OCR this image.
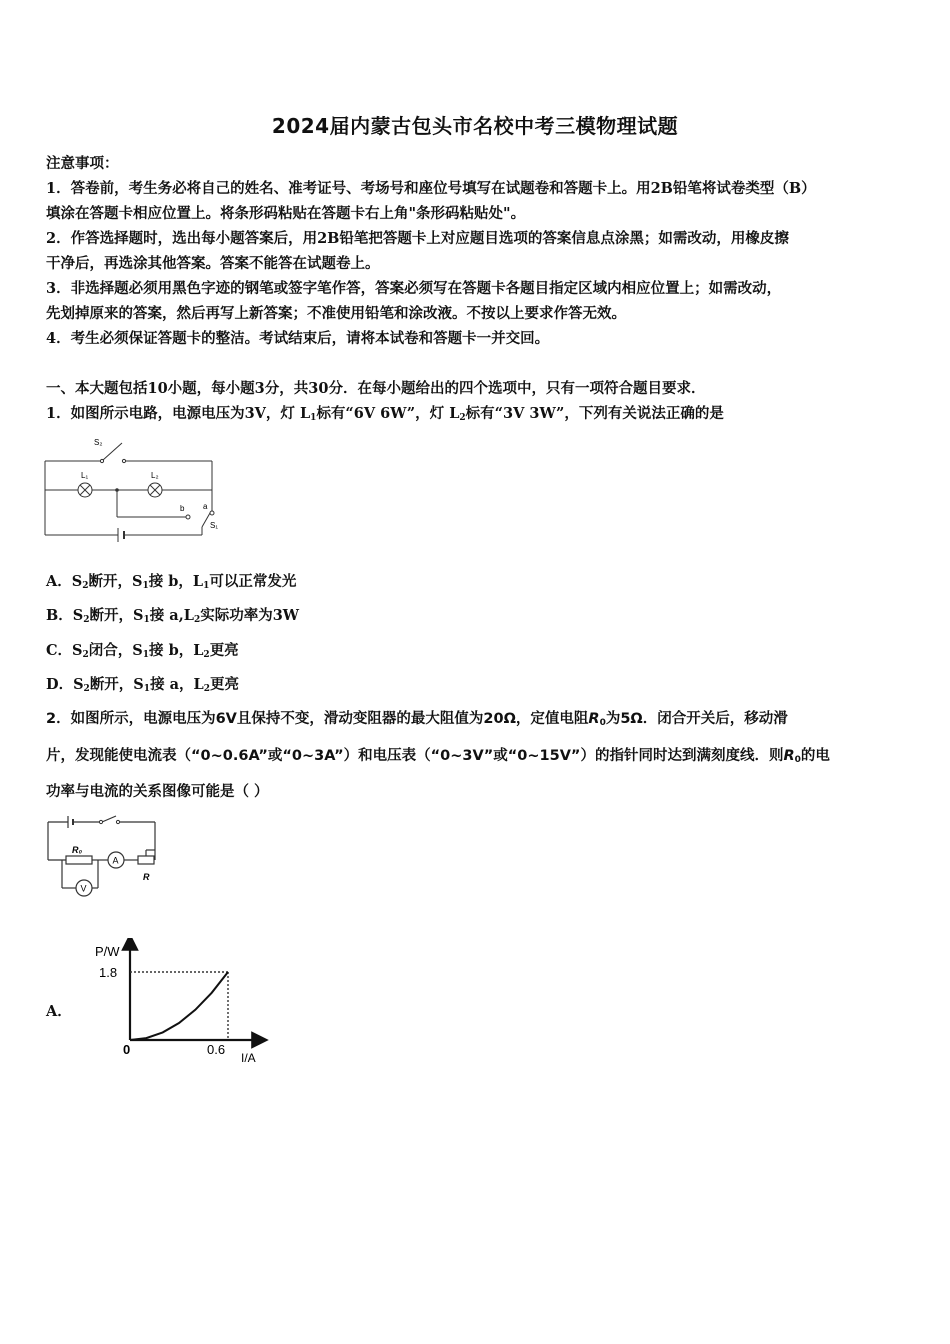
2024届内蒙古包头市名校中考三模物理试题
注意事项：
1．答卷前，考生务必将自己的姓名、准考证号、考场号和座位号填写在试题卷和答题卡上。用2B铅笔将试卷类型（B）
填涂在答题卡相应位置上。将条形码粘贴在答题卡右上角"条形码粘贴处"。
2．作答选择题时，选出每小题答案后，用2B铅笔把答题卡上对应题目选项的答案信息点涂黑；如需改动，用橡皮擦
干净后，再选涂其他答案。答案不能答在试题卷上。
3．非选择题必须用黑色字迹的钢笔或签字笔作答，答案必须写在答题卡各题目指定区域内相应位置上；如需改动，
先划掉原来的答案，然后再写上新答案；不准使用铅笔和涂改液。不按以上要求作答无效。
4．考生必须保证答题卡的整洁。考试结束后，请将本试卷和答题卡一并交回。
一、本大题包括10小题，每小题3分，共30分．在每小题给出的四个选项中，只有一项符合题目要求．
1．如图所示电路，电源电压为3V，灯 $L_1$标有“6V 6W”，灯 $L_2$标有“3V 3W”，下列有关说法正确的是
S₂
L₁	L₂
b a
S₁
A．$S_2$断开，$S_1$接 b，$L_1$可以正常发光
B．$S_2$断开，$S_1$接 $a,L_2$实际功率为3W
C．$S_2$闭合，$S_1$接 b，$L_2$更亮
D．$S_2$断开，$S_1$接 a，$L_2$更亮
2．如图所示，电源电压为6V且保持不变，滑动变阻器的最大阻值为20Ω，定值电阻$R_0$为5Ω．闭合开关后，移动滑
片，发现能使电流表（“0~0.6A”或“0~3A”）和电压表（“0~3V”或“0~15V”）的指针同时达到满刻度线．则$R_0$的电
功率与电流的关系图像可能是（ ）
R₀
A
V
R
A．
P/W
1.8
0	0.6
I/A
